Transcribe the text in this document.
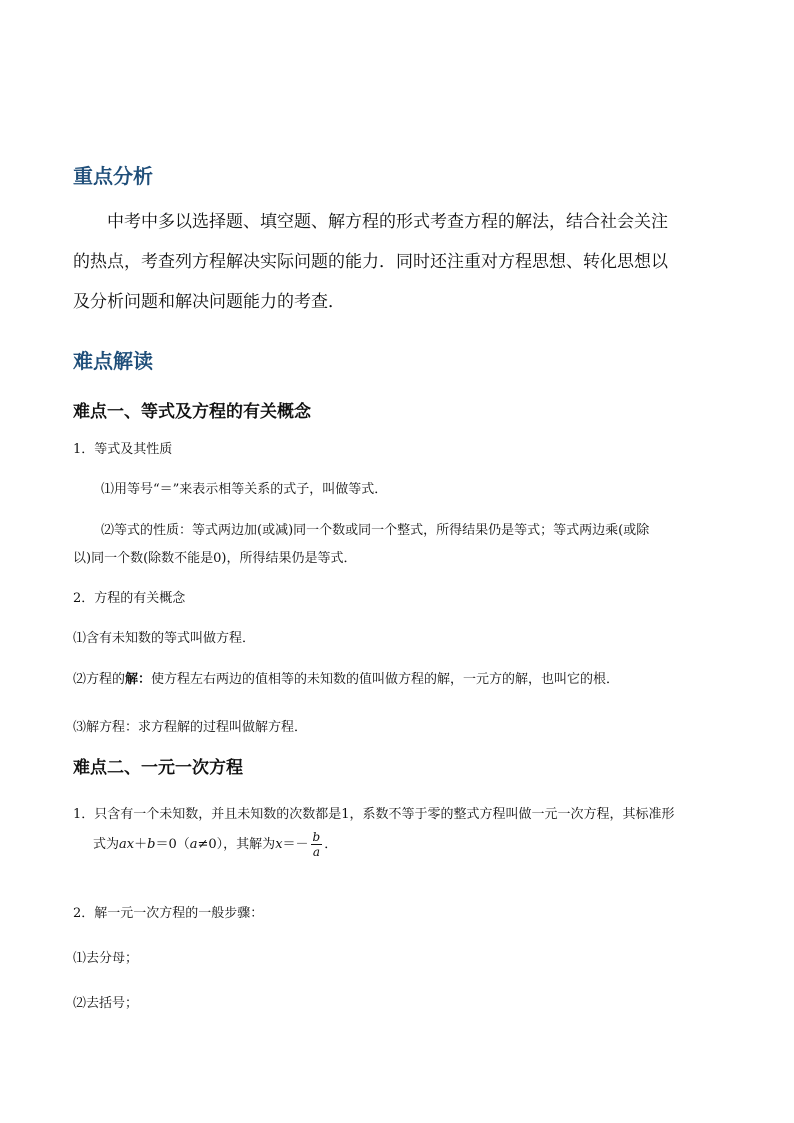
重点分析
中考中多以选择题、填空题、解方程的形式考查方程的解法，结合社会关注
的热点，考查列方程解决实际问题的能力．同时还注重对方程思想、转化思想以
及分析问题和解决问题能力的考查．
难点解读
难点一、等式及方程的有关概念
1．等式及其性质
⑴用等号“＝”来表示相等关系的式子，叫做等式．
⑵等式的性质：等式两边加(或减)同一个数或同一个整式，所得结果仍是等式；等式两边乘(或除
以)同一个数(除数不能是0)，所得结果仍是等式．
2．方程的有关概念
⑴含有未知数的等式叫做方程．
⑵方程的解：使方程左右两边的值相等的未知数的值叫做方程的解，一元方的解，也叫它的根．
⑶解方程：求方程解的过程叫做解方程．
难点二、一元一次方程
1．只含有一个未知数，并且未知数的次数都是1，系数不等于零的整式方程叫做一元一次方程，其标准形
式为ax＋b＝0（a≠0），其解为$x=- \frac{b}{a}$ ．
2．解一元一次方程的一般步骤：
⑴去分母；
⑵去括号；
